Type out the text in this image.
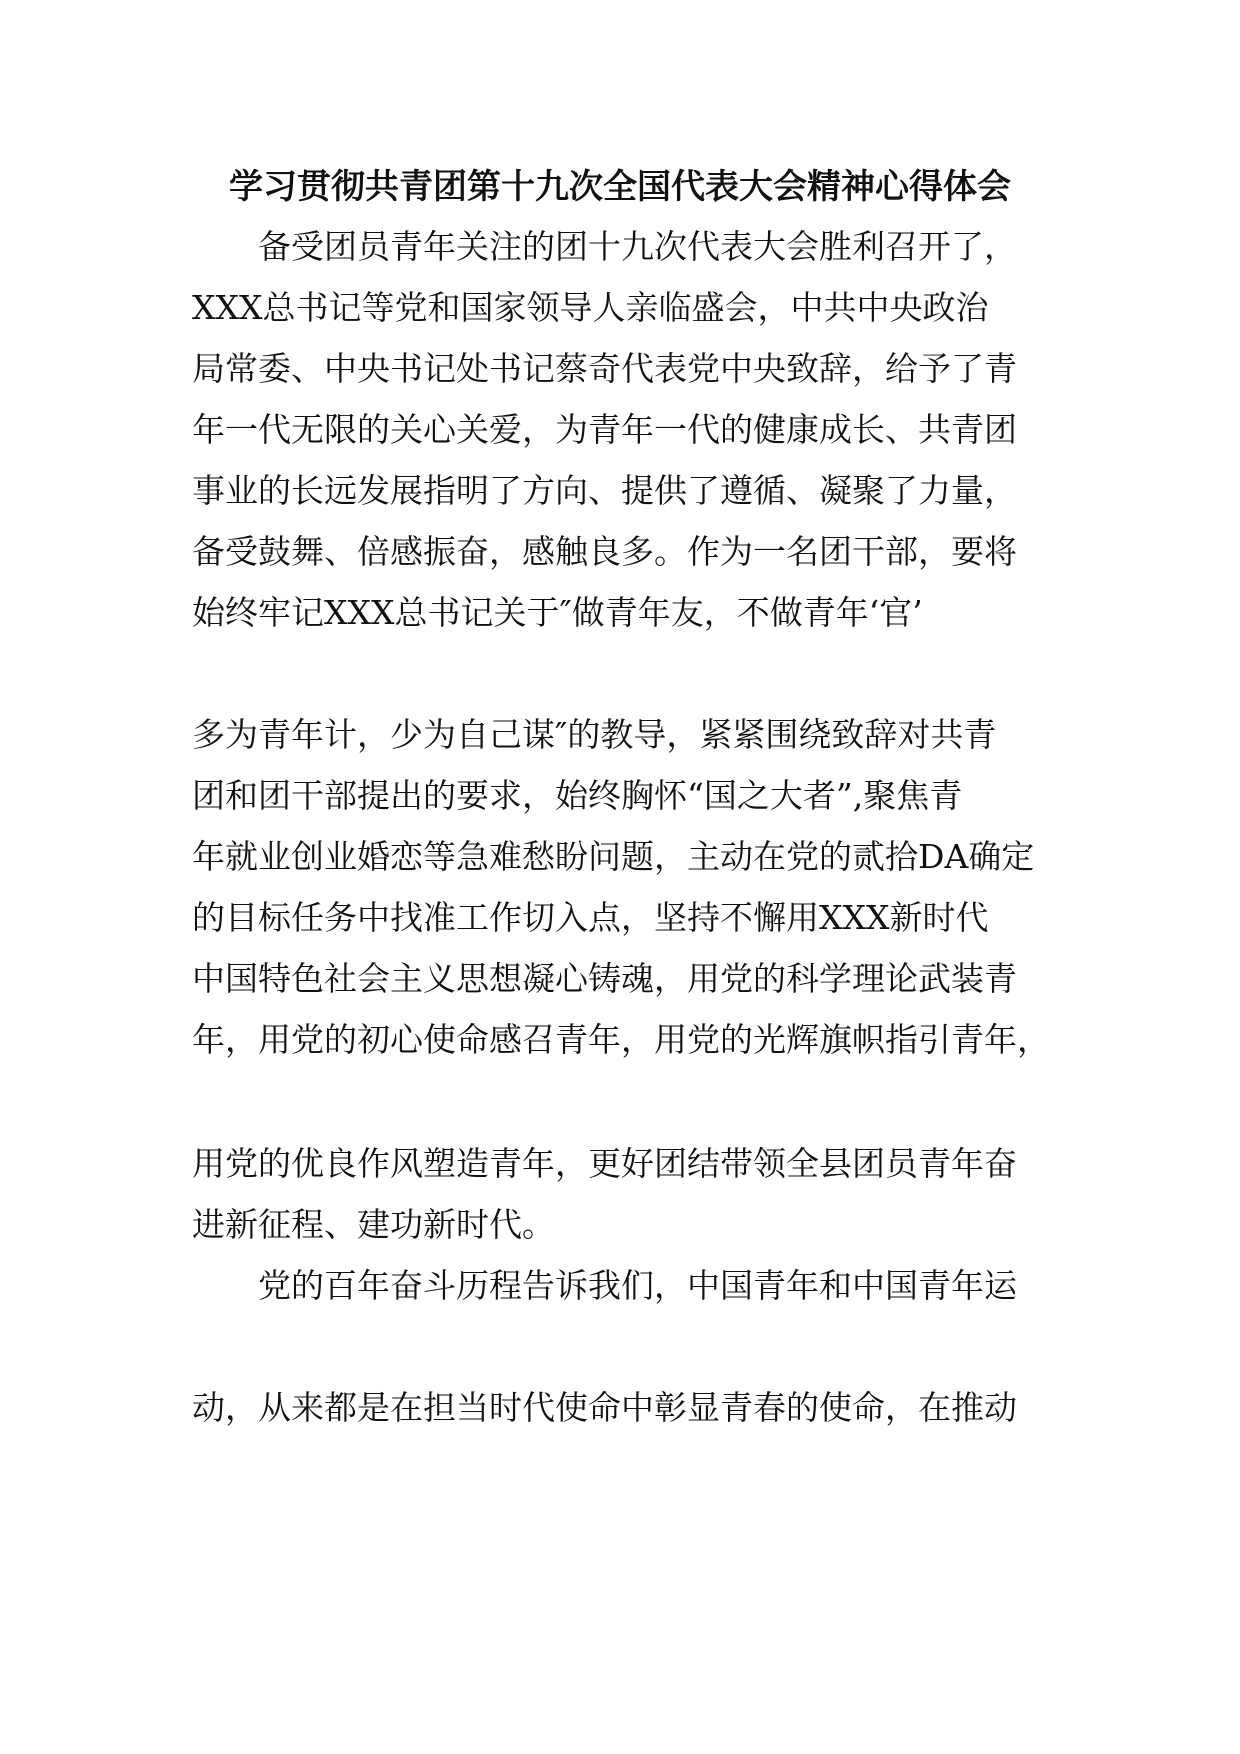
学习贯彻共青团第十九次全国代表大会精神心得体会

备受团员青年关注的团十九次代表大会胜利召开了，

XXX总书记等党和国家领导人亲临盛会，中共中央政治

局常委、中央书记处书记蔡奇代表党中央致辞，给予了青

年一代无限的关心关爱，为青年一代的健康成长、共青团

事业的长远发展指明了方向、提供了遵循、凝聚了力量，

备受鼓舞、倍感振奋，感触良多。作为一名团干部，要将

始终牢记XXX总书记关于″做青年友，不做青年‘官’

多为青年计，少为自己谋″的教导，紧紧围绕致辞对共青

团和团干部提出的要求，始终胸怀“国之大者”,聚焦青

年就业创业婚恋等急难愁盼问题，主动在党的贰拾DA确定

的目标任务中找准工作切入点，坚持不懈用XXX新时代

中国特色社会主义思想凝心铸魂，用党的科学理论武装青

年，用党的初心使命感召青年，用党的光辉旗帜指引青年，

用党的优良作风塑造青年，更好团结带领全县团员青年奋

进新征程、建功新时代。

党的百年奋斗历程告诉我们，中国青年和中国青年运

动，从来都是在担当时代使命中彰显青春的使命，在推动
